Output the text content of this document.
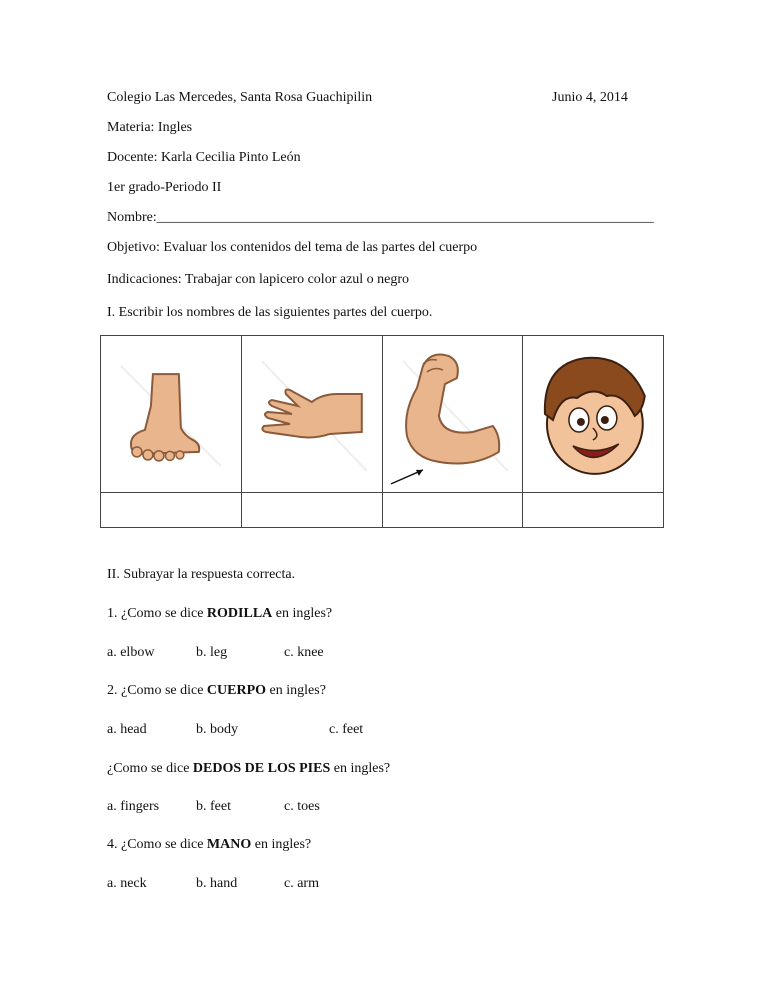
Colegio Las Mercedes, Santa Rosa Guachipilin	Junio 4, 2014
Materia: Ingles
Docente: Karla Cecilia Pinto León
1er grado-Periodo II
Nombre:_______________________________________________________________________
Objetivo: Evaluar los contenidos del tema de las partes del cuerpo
Indicaciones: Trabajar con lapicero color azul o negro
I. Escribir los nombres de las siguientes partes del cuerpo.

II. Subrayar la respuesta correcta.
1. ¿Como se dice RODILLA en ingles?
a. elbow	b. leg	c. knee
2. ¿Como se dice CUERPO en ingles?
a. head	b. body	c. feet
¿Como se dice DEDOS DE LOS PIES en ingles?
a. fingers	b. feet	c. toes
4. ¿Como se dice MANO en ingles?
a. neck	b. hand	c. arm
